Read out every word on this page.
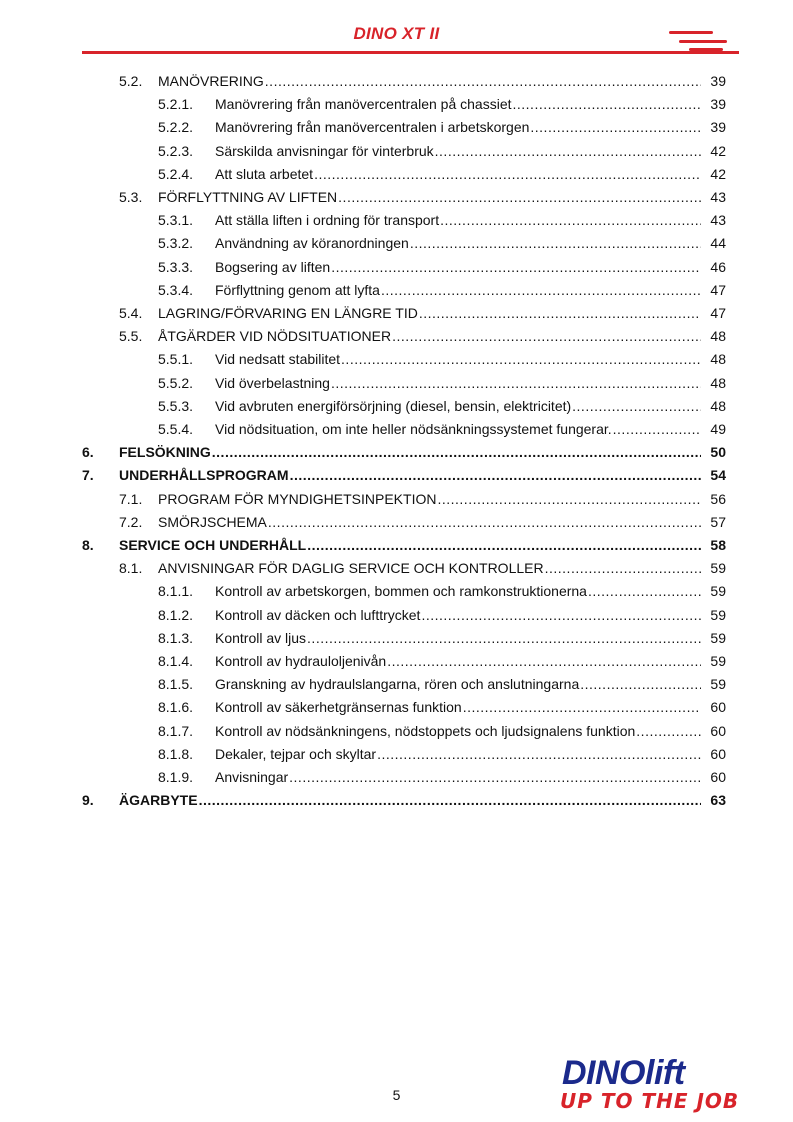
DINO XT II
5.2. MANÖVRERING .....	39
5.2.1. Manövrering från manövercentralen på chassiet .....	39
5.2.2. Manövrering från manövercentralen i arbetskorgen .....	39
5.2.3. Särskilda anvisningar för vinterbruk .....	42
5.2.4. Att sluta arbetet .....	42
5.3. FÖRFLYTTNING AV LIFTEN .....	43
5.3.1. Att ställa liften i ordning för transport .....	43
5.3.2. Användning av köranordningen .....	44
5.3.3. Bogsering av liften .....	46
5.3.4. Förflyttning genom att lyfta .....	47
5.4. LAGRING/FÖRVARING EN LÄNGRE TID .....	47
5.5. ÅTGÄRDER VID NÖDSITUATIONER .....	48
5.5.1. Vid nedsatt stabilitet .....	48
5.5.2. Vid överbelastning .....	48
5.5.3. Vid avbruten energiförsörjning (diesel, bensin, elektricitet) .....	48
5.5.4. Vid nödsituation, om inte heller nödsänkningssystemet fungerar. .....	49
6. FELSÖKNING .....	50
7. UNDERHÅLLSPROGRAM .....	54
7.1. PROGRAM FÖR MYNDIGHETSINPEKTION .....	56
7.2. SMÖRJSCHEMA .....	57
8. SERVICE OCH UNDERHÅLL .....	58
8.1. ANVISNINGAR FÖR DAGLIG SERVICE OCH KONTROLLER .....	59
8.1.1. Kontroll av arbetskorgen, bommen och ramkonstruktionerna .....	59
8.1.2. Kontroll av däcken och lufttrycket .....	59
8.1.3. Kontroll av ljus .....	59
8.1.4. Kontroll av hydrauloljenivån .....	59
8.1.5. Granskning av hydraulslangarna, rören och anslutningarna .....	59
8.1.6. Kontroll av säkerhetgränsernas funktion .....	60
8.1.7. Kontroll av nödsänkningens, nödstoppets och ljudsignalens funktion .....	60
8.1.8. Dekaler, tejpar och skyltar .....	60
8.1.9. Anvisningar .....	60
9. ÄGARBYTE .....	63
5
DINOlift
UP TO THE JOB
